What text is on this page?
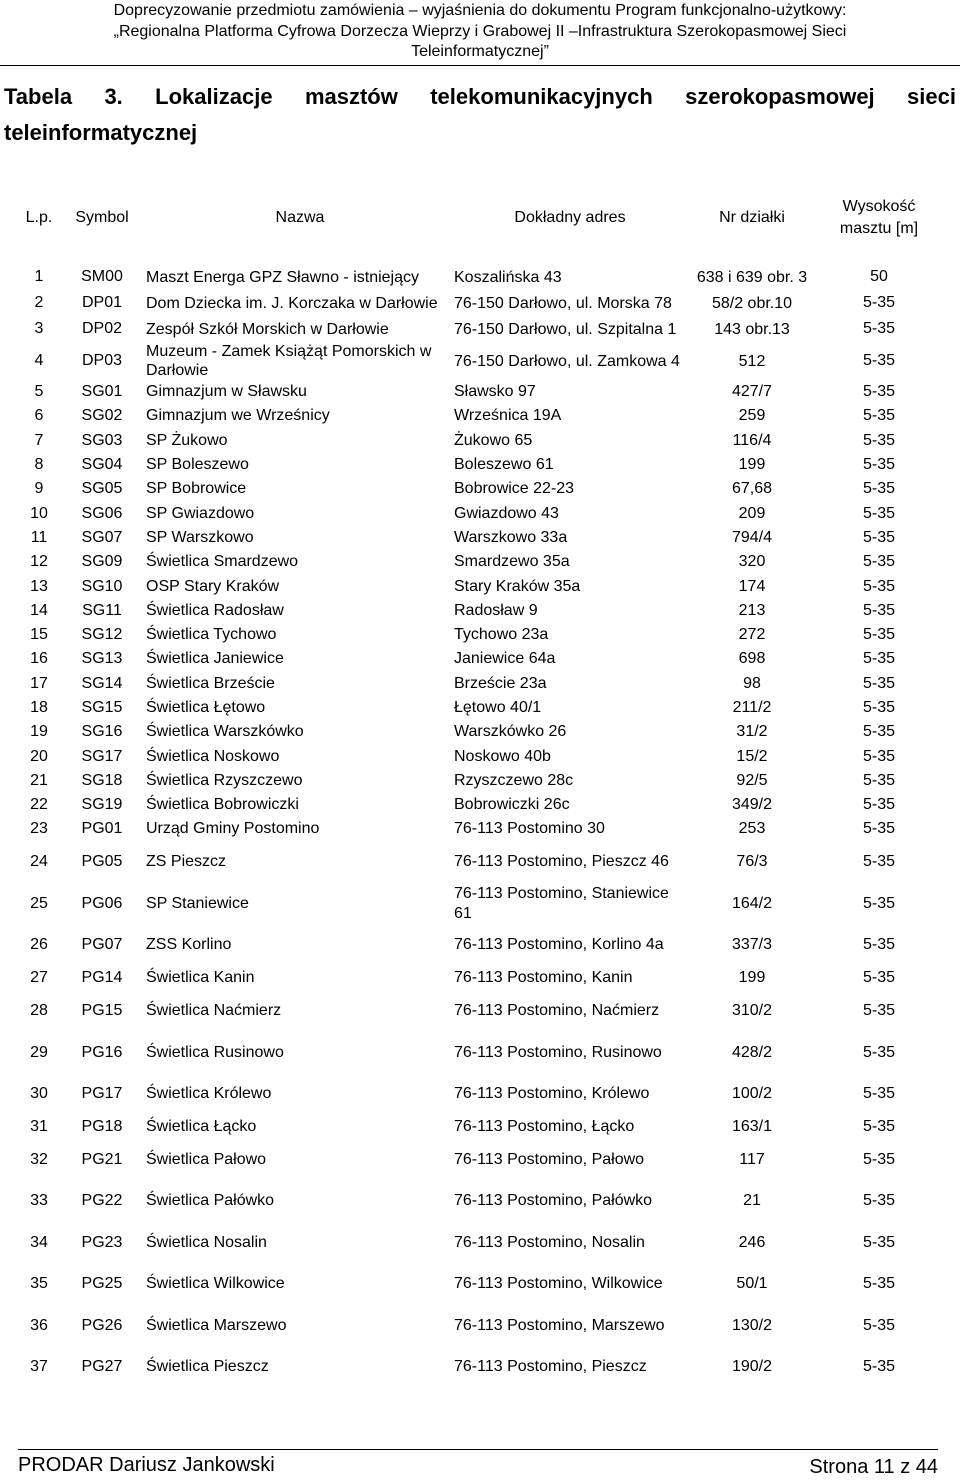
Doprecyzowanie przedmiotu zamówienia – wyjaśnienia do dokumentu Program funkcjonalno-użytkowy:
„Regionalna Platforma Cyfrowa Dorzecza Wieprzy i Grabowej II –Infrastruktura Szerokopasmowej Sieci
Teleinformatycznej”
Tabela 3. Lokalizacje masztów telekomunikacyjnych szerokopasmowej sieci
teleinformatycznej
L.p.	Symbol	Nazwa	Dokładny adres	Nr działki	Wysokość masztu [m]
1	SM00	Maszt Energa GPZ Sławno - istniejący	Koszalińska 43	638 i 639 obr. 3	50
2	DP01	Dom Dziecka im. J. Korczaka w Darłowie	76-150 Darłowo, ul. Morska 78	58/2 obr.10	5-35
3	DP02	Zespół Szkół Morskich w Darłowie	76-150 Darłowo, ul. Szpitalna 1	143 obr.13	5-35
4	DP03	Muzeum - Zamek Książąt Pomorskich w Darłowie	76-150 Darłowo, ul. Zamkowa 4	512	5-35
5	SG01	Gimnazjum w Sławsku	Sławsko 97	427/7	5-35
6	SG02	Gimnazjum we Wrześnicy	Wrześnica 19A	259	5-35
7	SG03	SP Żukowo	Żukowo 65	116/4	5-35
8	SG04	SP Boleszewo	Boleszewo 61	199	5-35
9	SG05	SP Bobrowice	Bobrowice 22-23	67,68	5-35
10	SG06	SP Gwiazdowo	Gwiazdowo 43	209	5-35
11	SG07	SP Warszkowo	Warszkowo 33a	794/4	5-35
12	SG09	Świetlica Smardzewo	Smardzewo 35a	320	5-35
13	SG10	OSP Stary Kraków	Stary Kraków 35a	174	5-35
14	SG11	Świetlica Radosław	Radosław 9	213	5-35
15	SG12	Świetlica Tychowo	Tychowo 23a	272	5-35
16	SG13	Świetlica Janiewice	Janiewice 64a	698	5-35
17	SG14	Świetlica Brzeście	Brzeście 23a	98	5-35
18	SG15	Świetlica Łętowo	Łętowo 40/1	211/2	5-35
19	SG16	Świetlica Warszkówko	Warszkówko 26	31/2	5-35
20	SG17	Świetlica Noskowo	Noskowo 40b	15/2	5-35
21	SG18	Świetlica Rzyszczewo	Rzyszczewo 28c	92/5	5-35
22	SG19	Świetlica Bobrowiczki	Bobrowiczki 26c	349/2	5-35
23	PG01	Urząd Gminy Postomino	76-113 Postomino 30	253	5-35
24	PG05	ZS Pieszcz	76-113 Postomino, Pieszcz 46	76/3	5-35
25	PG06	SP Staniewice	76-113 Postomino, Staniewice 61	164/2	5-35
26	PG07	ZSS Korlino	76-113 Postomino, Korlino 4a	337/3	5-35
27	PG14	Świetlica Kanin	76-113 Postomino, Kanin	199	5-35
28	PG15	Świetlica Naćmierz	76-113 Postomino, Naćmierz	310/2	5-35
29	PG16	Świetlica Rusinowo	76-113 Postomino, Rusinowo	428/2	5-35
30	PG17	Świetlica Królewo	76-113 Postomino, Królewo	100/2	5-35
31	PG18	Świetlica Łącko	76-113 Postomino, Łącko	163/1	5-35
32	PG21	Świetlica Pałowo	76-113 Postomino, Pałowo	117	5-35
33	PG22	Świetlica Pałówko	76-113 Postomino, Pałówko	21	5-35
34	PG23	Świetlica Nosalin	76-113 Postomino, Nosalin	246	5-35
35	PG25	Świetlica Wilkowice	76-113 Postomino, Wilkowice	50/1	5-35
36	PG26	Świetlica Marszewo	76-113 Postomino, Marszewo	130/2	5-35
37	PG27	Świetlica Pieszcz	76-113 Postomino, Pieszcz	190/2	5-35
PRODAR Dariusz Jankowski	Strona 11 z 44
